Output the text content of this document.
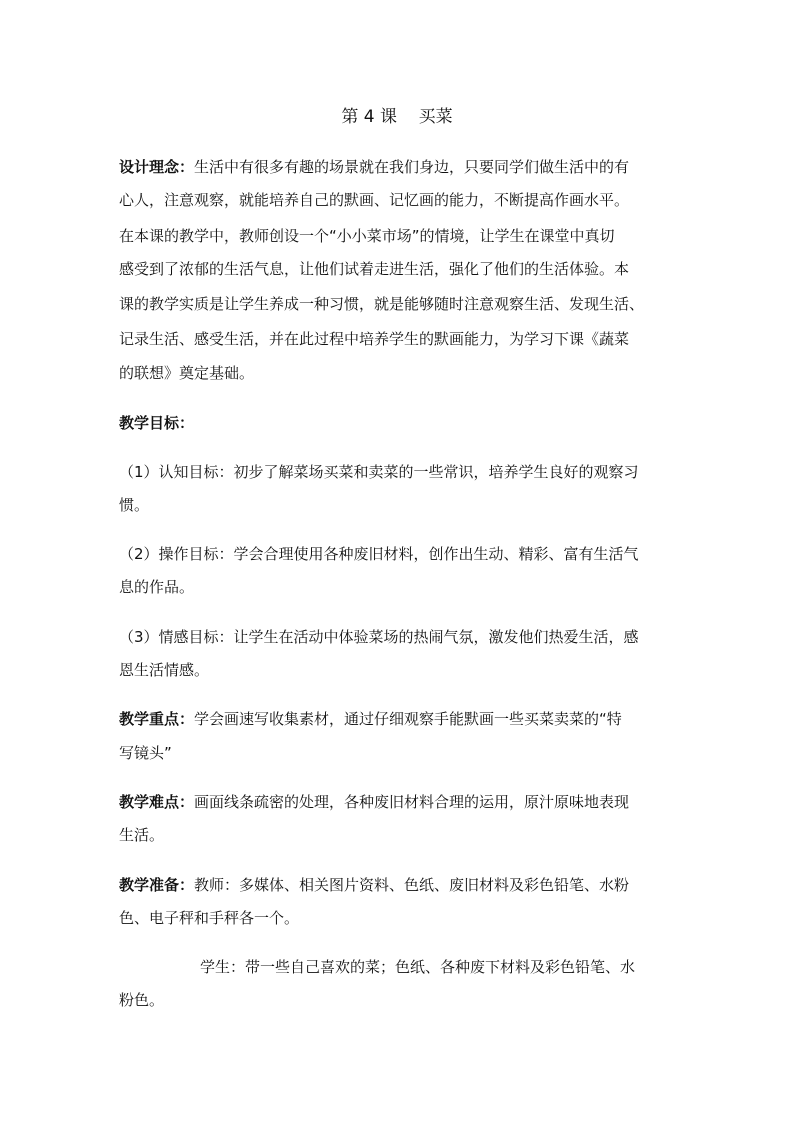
第 4 课    买菜
设计理念：生活中有很多有趣的场景就在我们身边，只要同学们做生活中的有
心人，注意观察，就能培养自己的默画、记忆画的能力，不断提高作画水平。
在本课的教学中，教师创设一个“小小菜市场”的情境，让学生在课堂中真切
感受到了浓郁的生活气息，让他们试着走进生活，强化了他们的生活体验。本
课的教学实质是让学生养成一种习惯，就是能够随时注意观察生活、发现生活、
记录生活、感受生活，并在此过程中培养学生的默画能力，为学习下课《蔬菜
的联想》奠定基础。
教学目标：
（1）认知目标：初步了解菜场买菜和卖菜的一些常识，培养学生良好的观察习
惯。
（2）操作目标：学会合理使用各种废旧材料，创作出生动、精彩、富有生活气
息的作品。
（3）情感目标：让学生在活动中体验菜场的热闹气氛，激发他们热爱生活，感
恩生活情感。
教学重点：学会画速写收集素材，通过仔细观察手能默画一些买菜卖菜的“特
写镜头”
教学难点：画面线条疏密的处理，各种废旧材料合理的运用，原汁原味地表现
生活。
教学准备：教师：多媒体、相关图片资料、色纸、废旧材料及彩色铅笔、水粉
色、电子秤和手秤各一个。
学生：带一些自己喜欢的菜；色纸、各种废下材料及彩色铅笔、水
粉色。
